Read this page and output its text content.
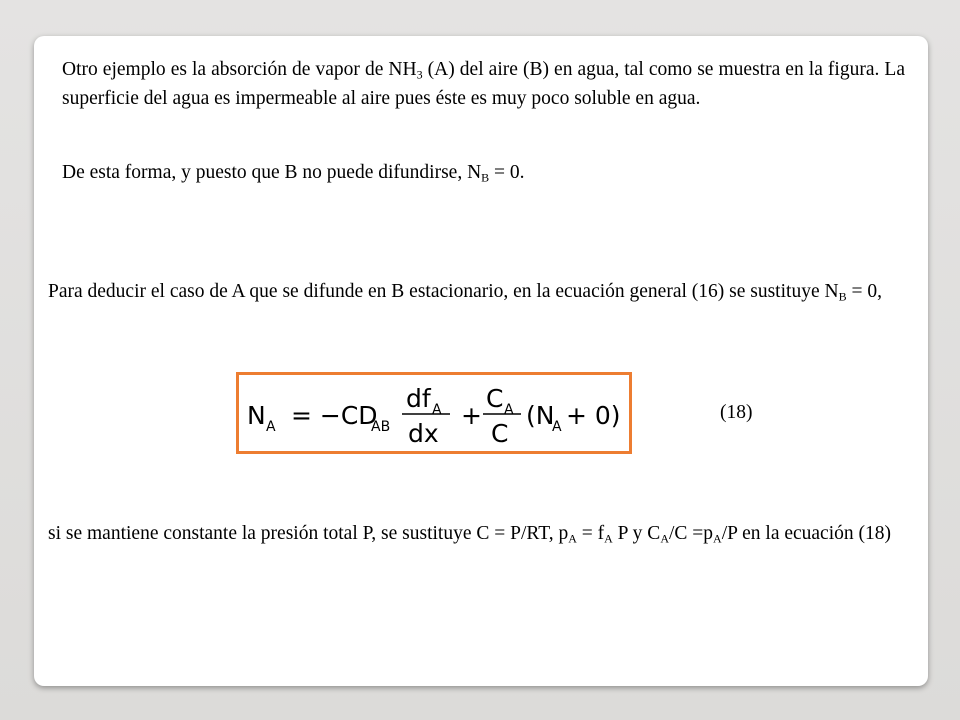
Otro ejemplo es la absorción de vapor de $NH_3$ (A) del aire (B) en agua, tal como se muestra en la figura. La superficie del agua es impermeable al aire pues éste es muy poco soluble en agua.

De esta forma, y puesto que B no puede difundirse, $N_B = 0$.

Para deducir el caso de A que se difunde en B estacionario, en la ecuación general (16) se sustituye $N_B = 0$,

N A = −CD
AB
df A
dx
+
C A
C
(N
A + 0)	(18)

si se mantiene constante la presión total P, se sustituye C = P/RT, $p_A = f_A$ P y $C_A/C =p_A/P$ en la ecuación (18)
